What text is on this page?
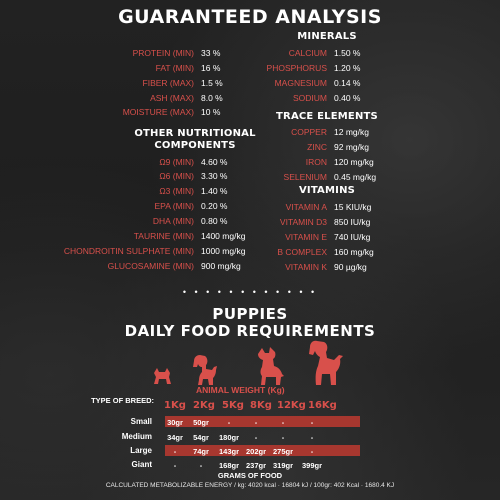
GUARANTEED ANALYSIS
PROTEIN (MIN) 33 %
FAT (MIN) 16 %
FIBER (MAX) 1.5 %
ASH (MAX) 8.0 %
MOISTURE (MAX) 10 %
OTHER NUTRITIONAL
COMPONENTS
Ω9 (MIN) 4.60 %
Ω6 (MIN) 3.30 %
Ω3 (MIN) 1.40 %
EPA (MIN) 0.20 %
DHA (MIN) 0.80 %
TAURINE (MIN) 1400 mg/kg
CHONDROITIN SULPHATE (MIN) 1000 mg/kg
GLUCOSAMINE (MIN) 900 mg/kg
MINERALS
CALCIUM 1.50 %
PHOSPHORUS 1.20 %
MAGNESIUM 0.14 %
SODIUM 0.40 %
TRACE ELEMENTS
COPPER 12 mg/kg
ZINC 92 mg/kg
IRON 120 mg/kg
SELENIUM 0.45 mg/kg
VITAMINS
VITAMIN A 15 KIU/kg
VITAMIN D3 850 IU/kg
VITAMIN E 740 IU/kg
B COMPLEX 160 mg/kg
VITAMIN K 90 µg/kg
• • • • • • • • • • • •
PUPPIES
DAILY FOOD REQUIREMENTS
ANIMAL WEIGHT (Kg)
TYPE OF BREED: 1Kg 2Kg 5Kg 8Kg 12Kg 16Kg
Small	30gr	50gr	-	-	-	-
Medium	34gr	54gr	180gr	-	-	-
Large	-	74gr	143gr 202gr 275gr	-
Giant	-	-	168gr 237gr 319gr	399gr
GRAMS OF FOOD
CALCULATED METABOLIZABLE ENERGY / kg: 4020 kcal · 16804 kJ / 100gr: 402 Kcal · 1680.4 KJ
